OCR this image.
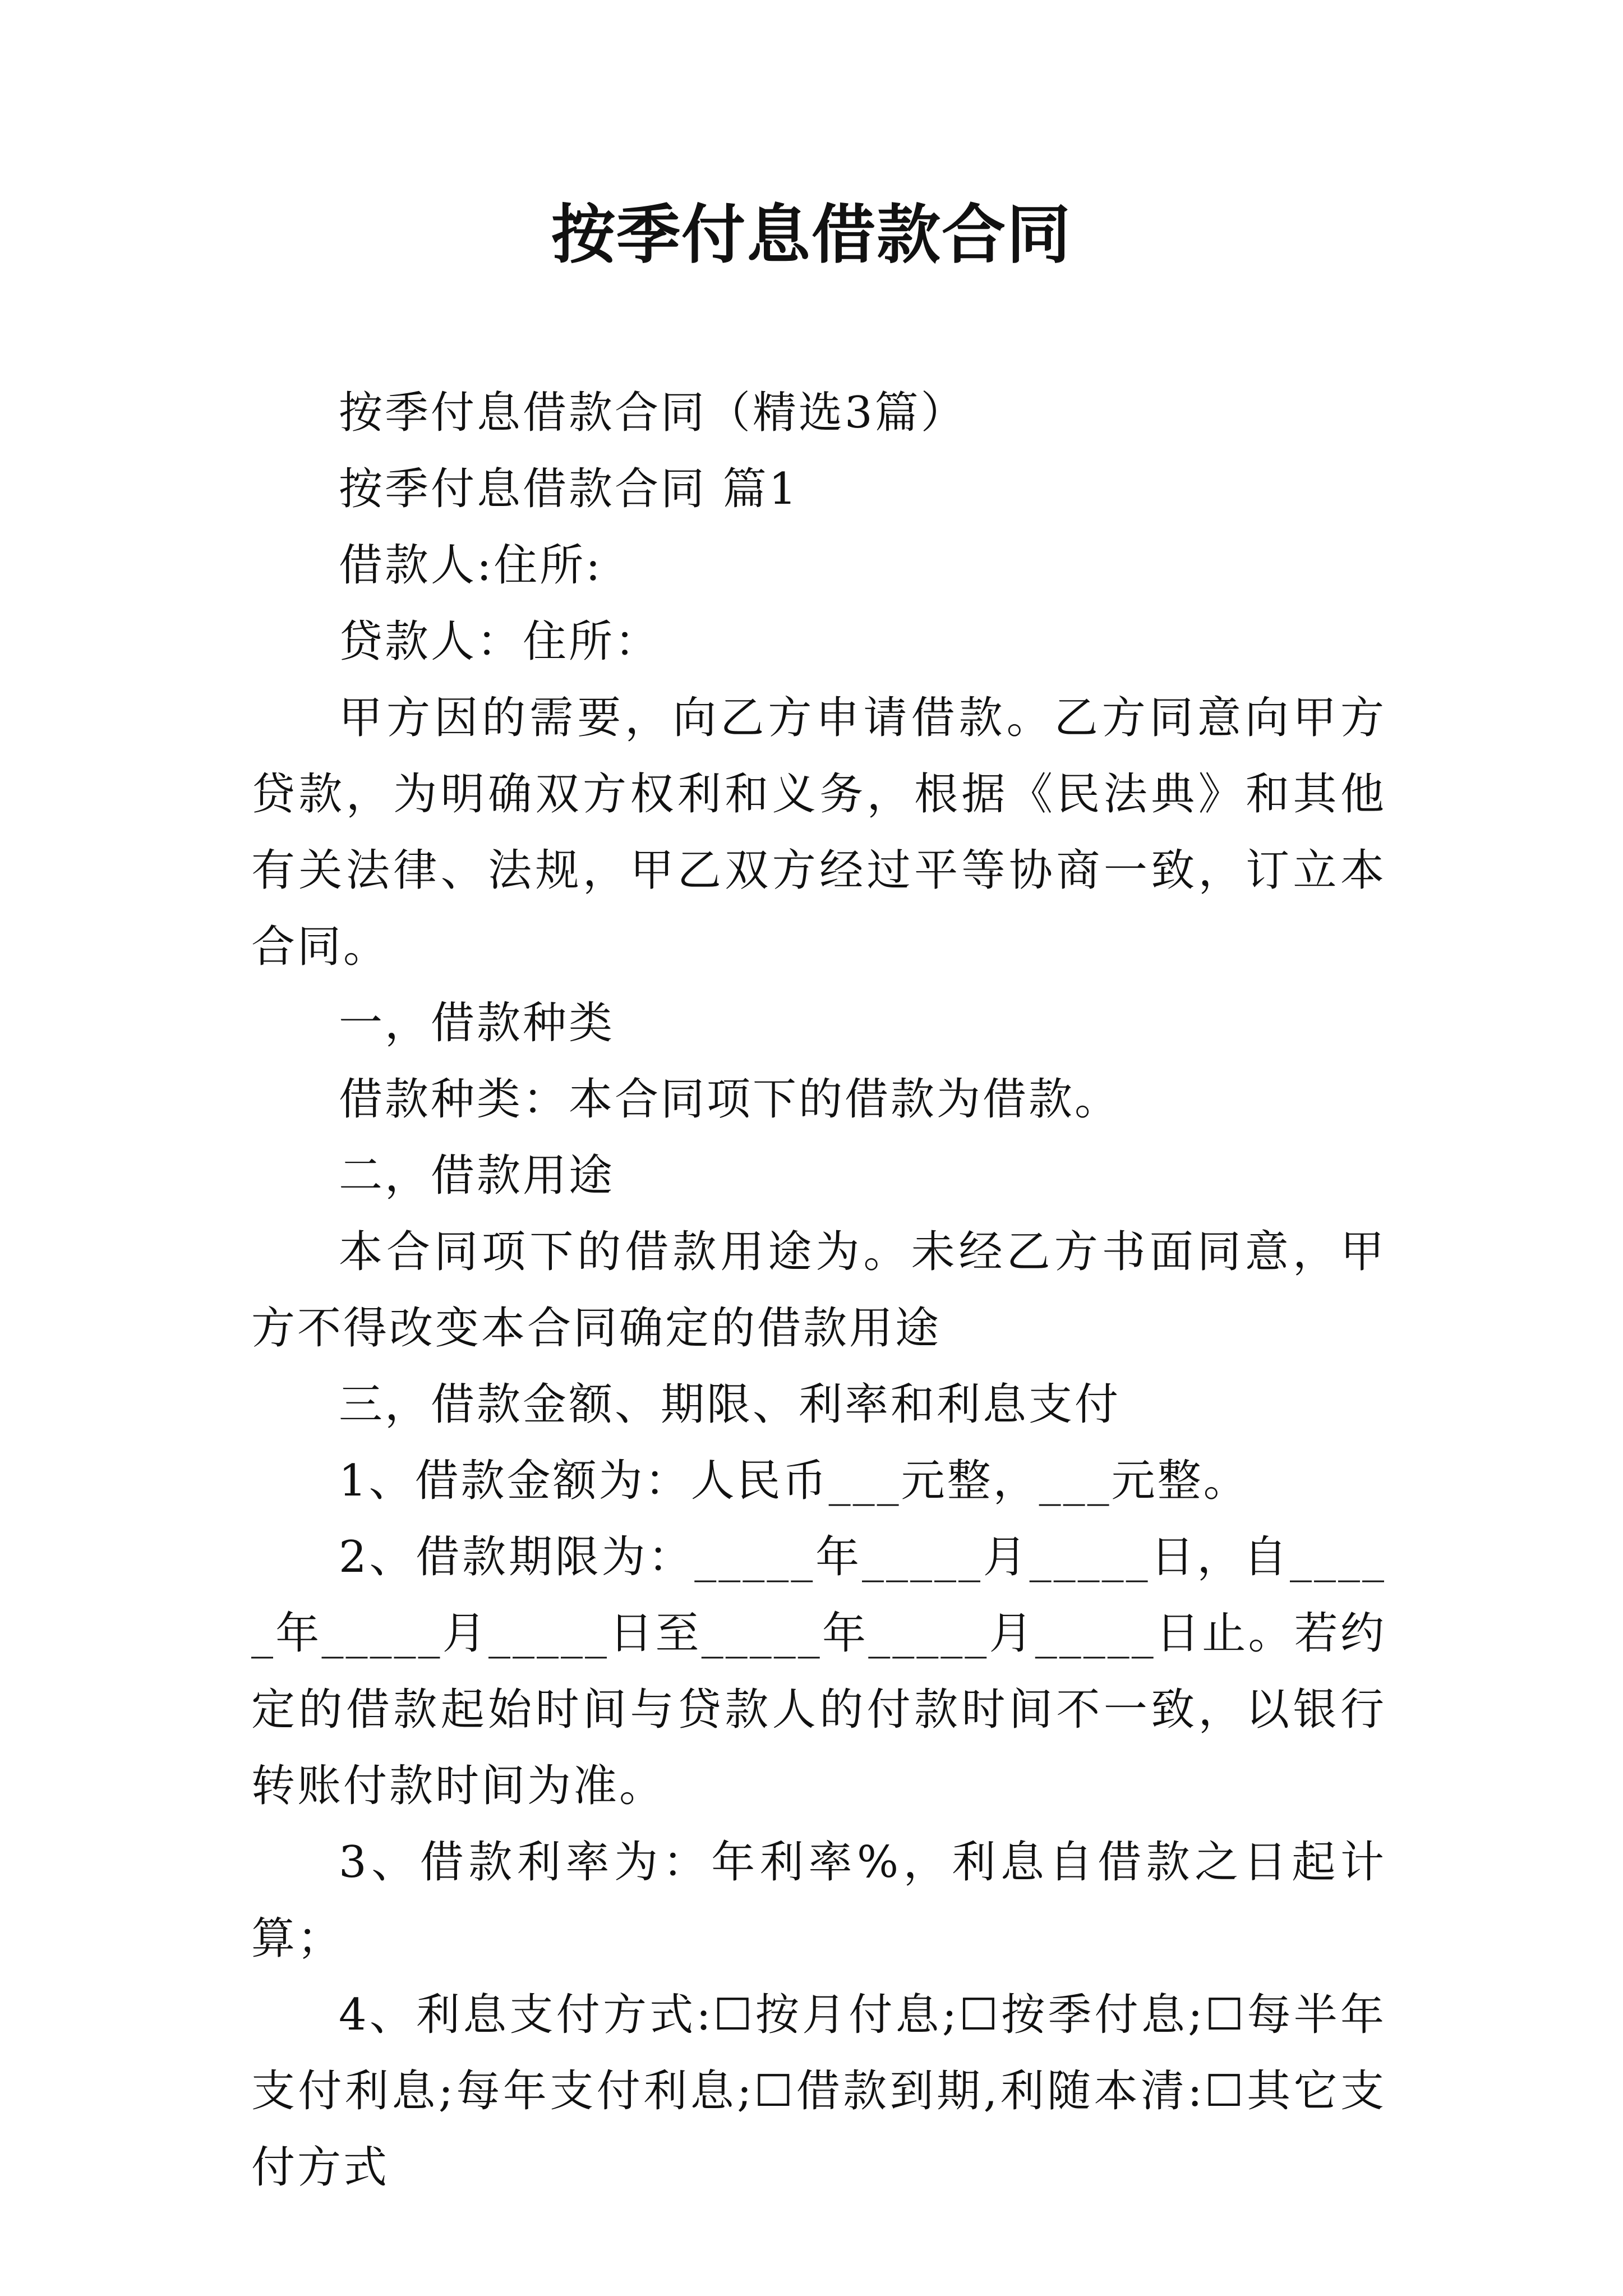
按季付息借款合同

按季付息借款合同（精选3篇）

按季付息借款合同 篇1

借款人:住所:

贷款人：住所：

甲方因的需要，向乙方申请借款。乙方同意向甲方贷款，为明确双方权利和义务，根据《民法典》和其他有关法律、法规，甲乙双方经过平等协商一致，订立本合同。

一，借款种类

借款种类：本合同项下的借款为借款。

二，借款用途

本合同项下的借款用途为。未经乙方书面同意，甲方不得改变本合同确定的借款用途

三，借款金额、期限、利率和利息支付

1、借款金额为：人民币___元整，___元整。

2、借款期限为：_____年_____月_____日，自_____年_____月_____日至_____年_____月_____日止。若约定的借款起始时间与贷款人的付款时间不一致，以银行转账付款时间为准。

3、借款利率为：年利率%，利息自借款之日起计算；

4、利息支付方式:☐按月付息;☐按季付息;☐每半年支付利息;每年支付利息;☐借款到期,利随本清:☐其它支付方式
